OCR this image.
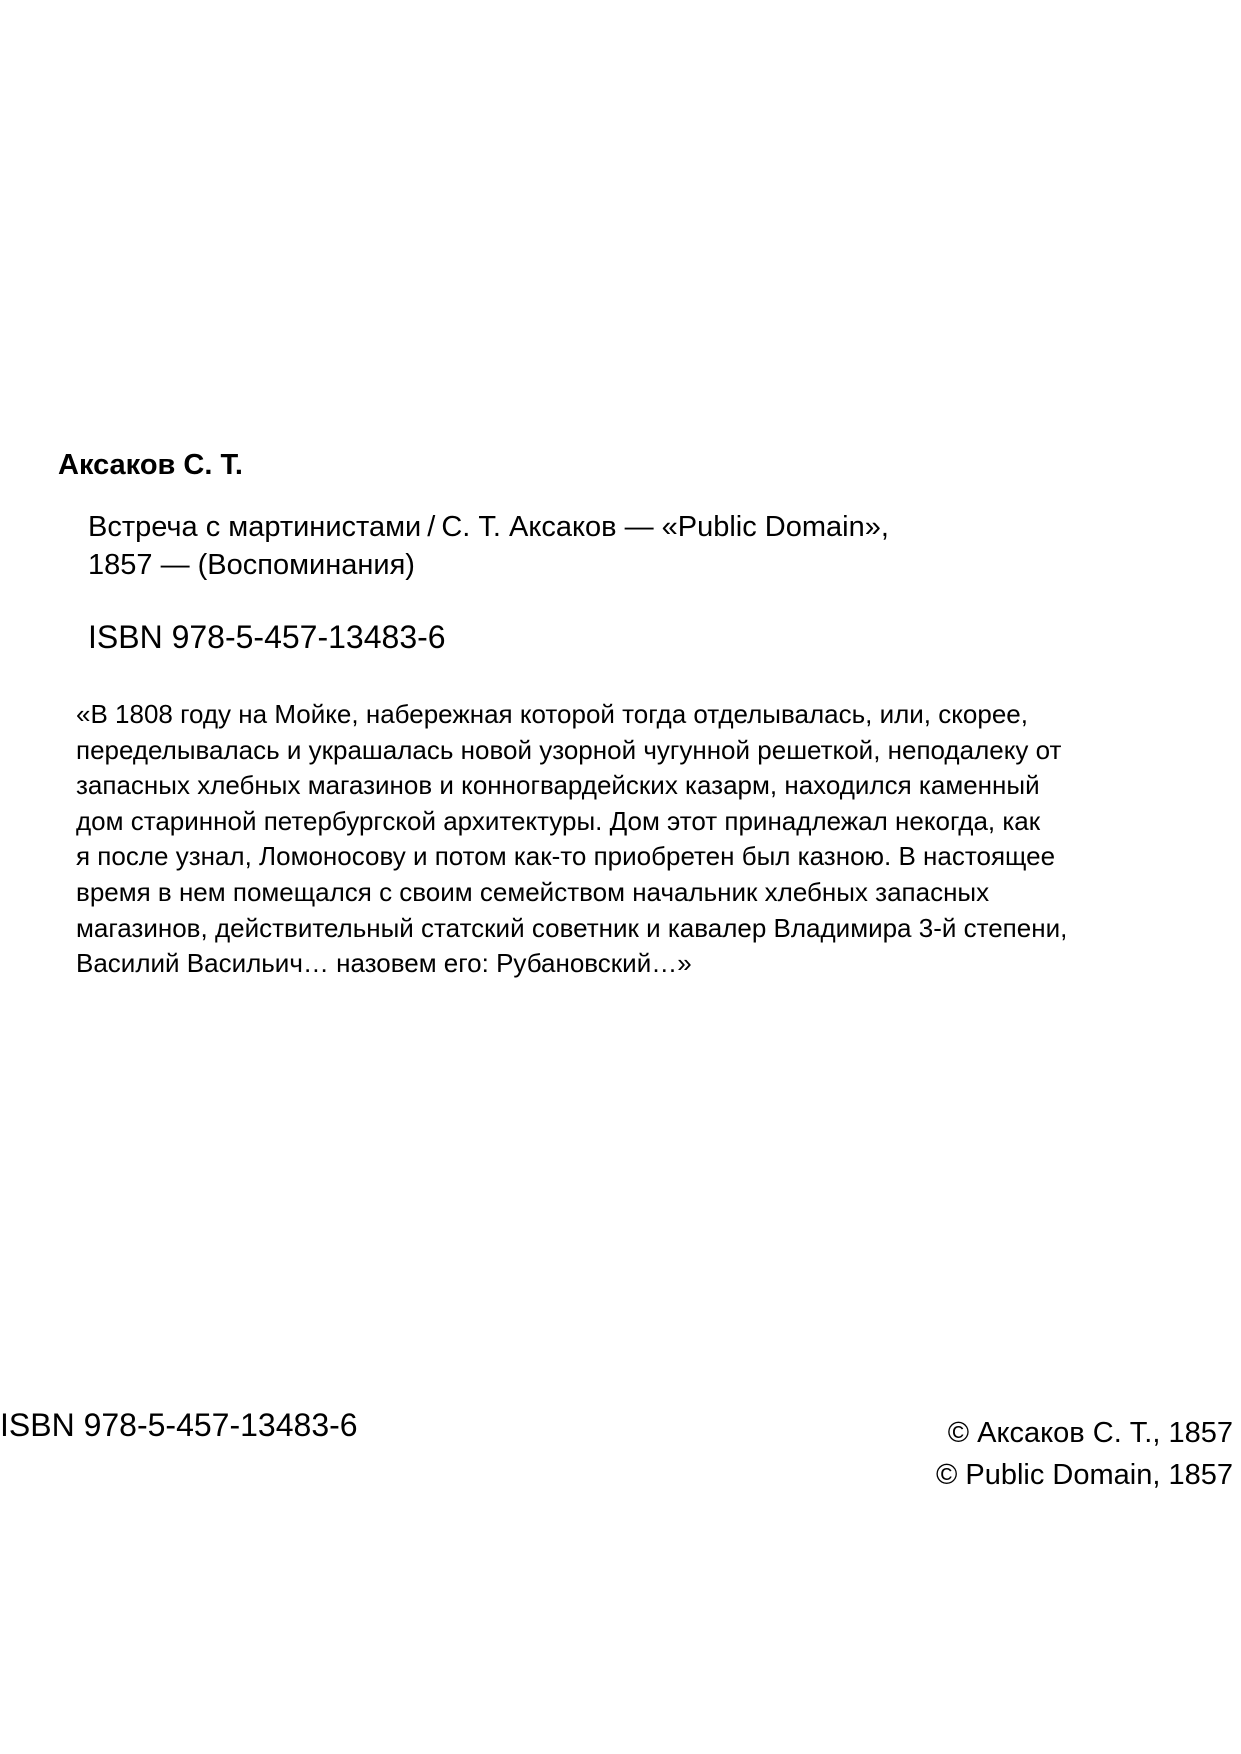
Аксаков С. Т.

Встреча с мартинистами / С. Т. Аксаков — «Public Domain»,
1857 — (Воспоминания)

ISBN 978-5-457-13483-6

«В 1808 году на Мойке, набережная которой тогда отделывалась, или, скорее,
переделывалась и украшалась новой узорной чугунной решеткой, неподалеку от
запасных хлебных магазинов и конногвардейских казарм, находился каменный
дом старинной петербургской архитектуры. Дом этот принадлежал некогда, как
я после узнал, Ломоносову и потом как-то приобретен был казною. В настоящее
время в нем помещался с своим семейством начальник хлебных запасных
магазинов, действительный статский советник и кавалер Владимира 3-й степени,
Василий Васильич… назовем его: Рубановский…»

ISBN 978-5-457-13483-6	© Аксаков С. Т., 1857
© Public Domain, 1857
